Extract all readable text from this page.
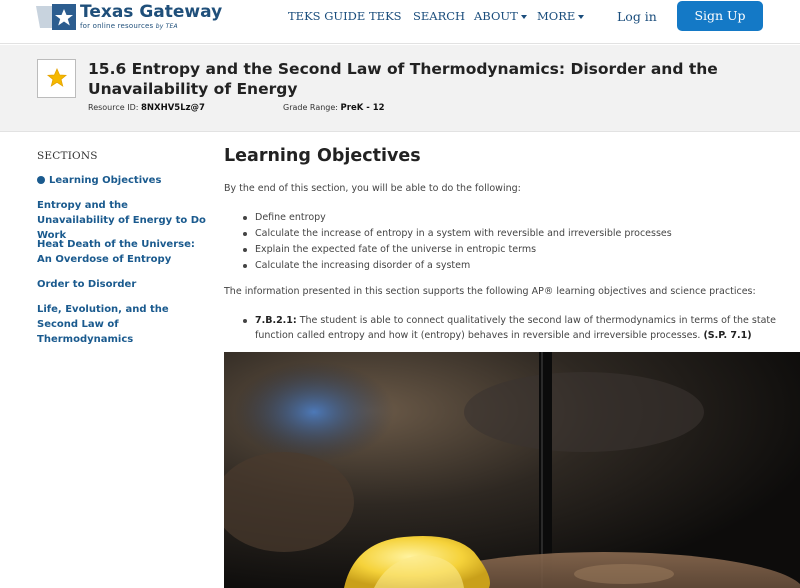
Texas Gateway
for online resources by TEA
TEKS GUIDE TEKS SEARCH ABOUT	MORE	Log in	Sign Up
15.6 Entropy and the Second Law of Thermodynamics: Disorder and the Unavailability of Energy
Resource ID: 8NXHV5Lz@7	Grade Range: PreK - 12
SECTIONS
Learning Objectives
Entropy and the Unavailability of Energy to Do Work
Heat Death of the Universe: An Overdose of Entropy
Order to Disorder
Life, Evolution, and the Second Law of Thermodynamics
Learning Objectives
By the end of this section, you will be able to do the following:
Define entropy
Calculate the increase of entropy in a system with reversible and irreversible processes
Explain the expected fate of the universe in entropic terms
Calculate the increasing disorder of a system
The information presented in this section supports the following AP® learning objectives and science practices:
7.B.2.1: The student is able to connect qualitatively the second law of thermodynamics in terms of the state function called entropy and how it (entropy) behaves in reversible and irreversible processes. (S.P. 7.1)
